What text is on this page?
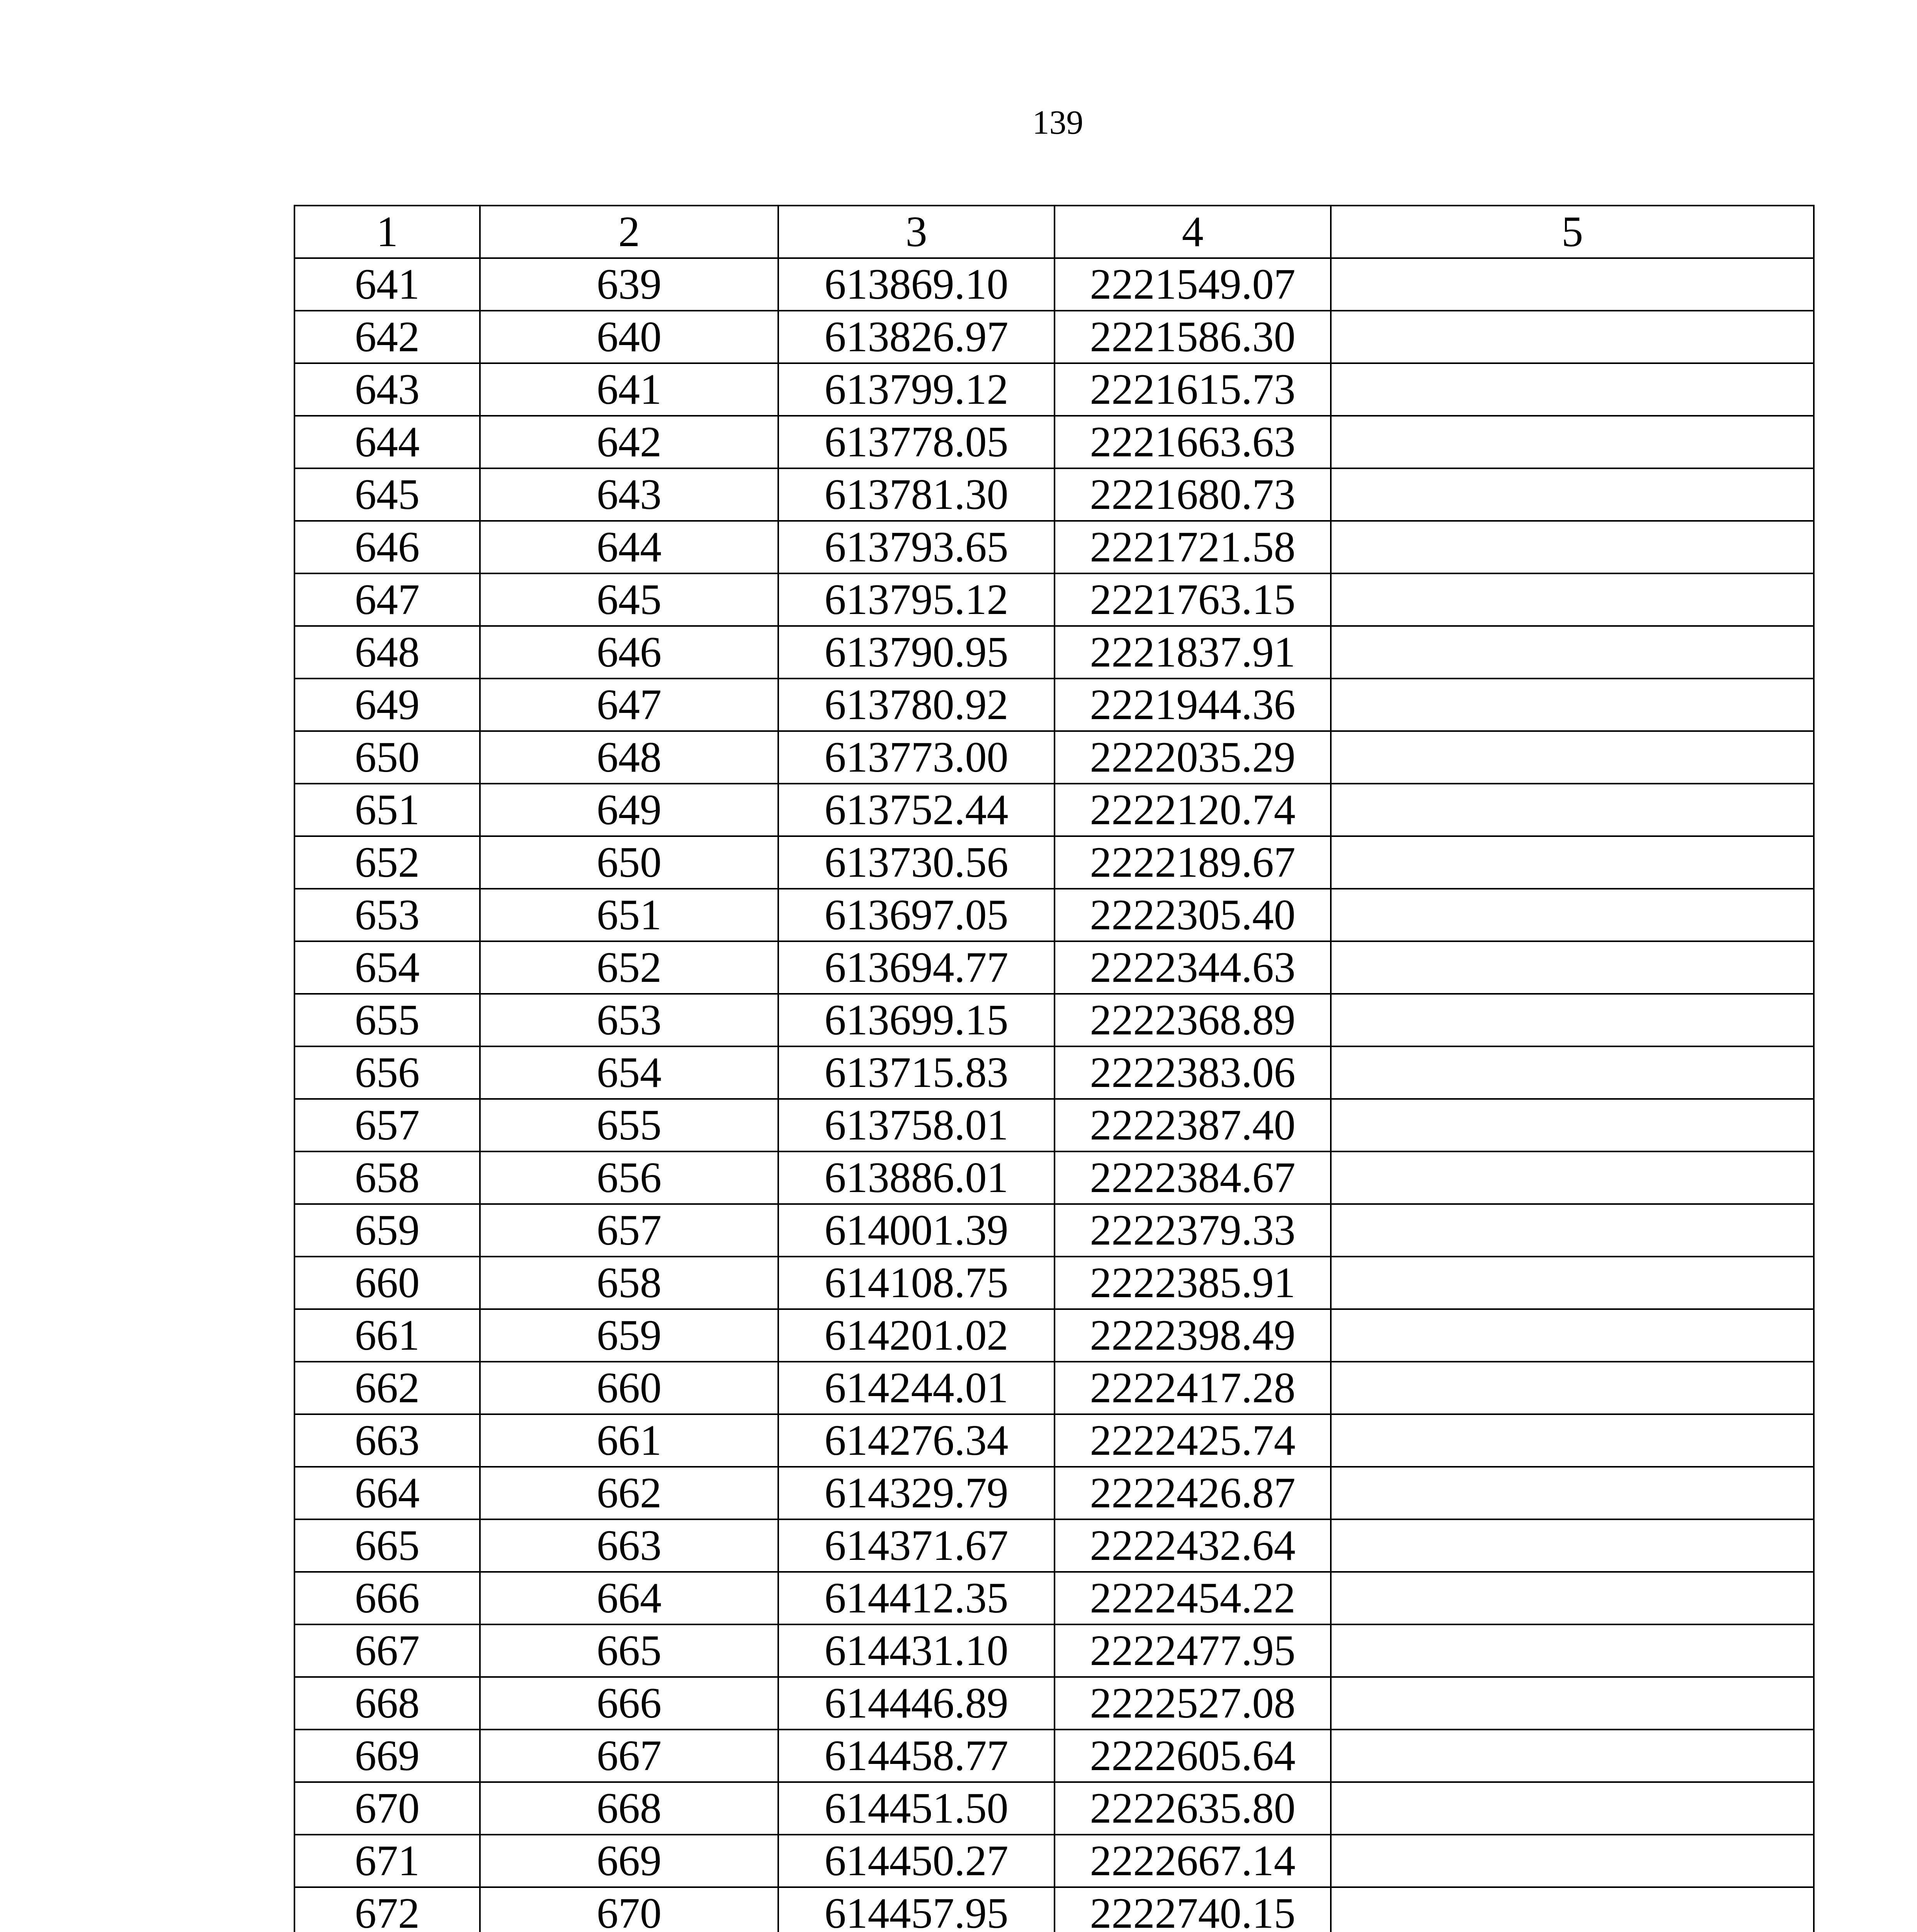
139
1	2	3	4	5
641	639	613869.10	2221549.07	
642	640	613826.97	2221586.30	
643	641	613799.12	2221615.73	
644	642	613778.05	2221663.63	
645	643	613781.30	2221680.73	
646	644	613793.65	2221721.58	
647	645	613795.12	2221763.15	
648	646	613790.95	2221837.91	
649	647	613780.92	2221944.36	
650	648	613773.00	2222035.29	
651	649	613752.44	2222120.74	
652	650	613730.56	2222189.67	
653	651	613697.05	2222305.40	
654	652	613694.77	2222344.63	
655	653	613699.15	2222368.89	
656	654	613715.83	2222383.06	
657	655	613758.01	2222387.40	
658	656	613886.01	2222384.67	
659	657	614001.39	2222379.33	
660	658	614108.75	2222385.91	
661	659	614201.02	2222398.49	
662	660	614244.01	2222417.28	
663	661	614276.34	2222425.74	
664	662	614329.79	2222426.87	
665	663	614371.67	2222432.64	
666	664	614412.35	2222454.22	
667	665	614431.10	2222477.95	
668	666	614446.89	2222527.08	
669	667	614458.77	2222605.64	
670	668	614451.50	2222635.80	
671	669	614450.27	2222667.14	
672	670	614457.95	2222740.15	
